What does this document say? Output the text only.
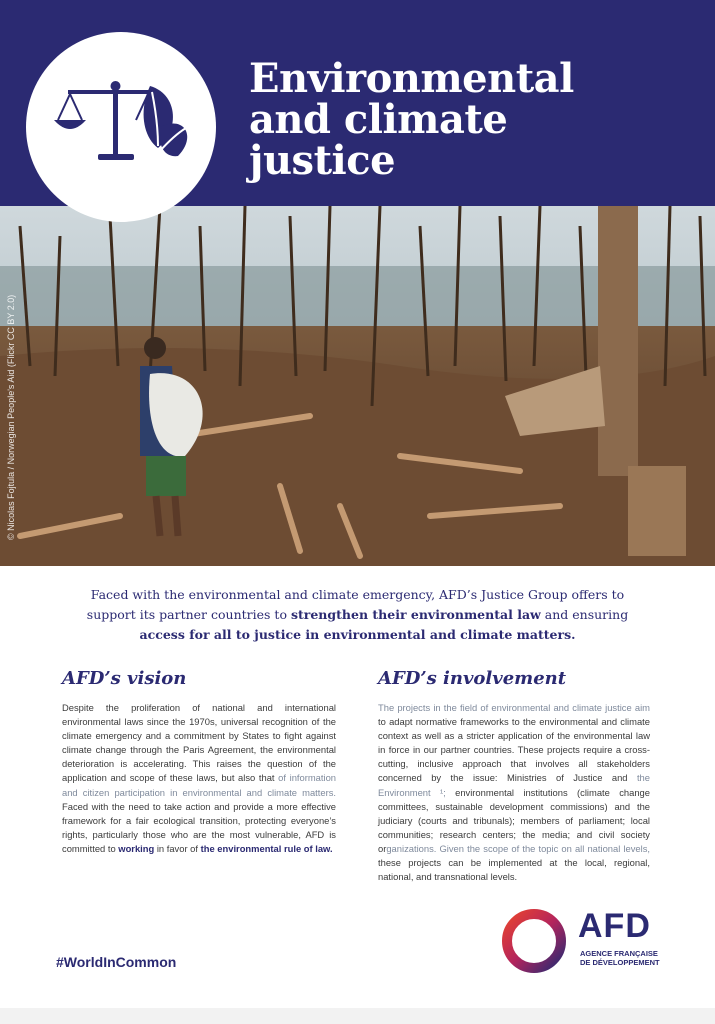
Environmental
and climate
justice
© Nicolas Fojtula / Norwegian People's Aid (Flickr CC BY 2.0)
Faced with the environmental and climate emergency, AFD’s Justice Group offers to support its partner countries to strengthen their environmental law and ensuring
access for all to justice in environmental and climate matters.
AFD’s vision

Despite the proliferation of national and international environmental laws since the 1970s, universal recognition of the climate emergency and a commitment by States to fight against climate change through the Paris Agreement, the environmental deterioration is accelerating. This raises the question of the application and scope of these laws, but also that of information and citizen participation in environmental and climate matters. Faced with the need to take action and provide a more effective framework for a fair ecological transition, protecting everyone’s rights, particularly those who are the most vulnerable, AFD is committed to working in favor of the environmental rule of law.

AFD’s involvement

The projects in the field of environmental and climate justice aim to adapt normative frameworks to the environmental and climate context as well as a stricter application of the environmental law in force in our partner countries. These projects require a cross-cutting, inclusive approach that involves all stakeholders concerned by the issue: Ministries of Justice and the Environment ¹; environmental institutions (climate change committees, sustainable development commissions) and the judiciary (courts and tribunals); members of parliament; local communities; research centers; the media; and civil society organizations. Given the scope of the topic on all national levels, these projects can be implemented at the local, regional, national, and transnational levels.

#WorldInCommon
AFD
AGENCE FRANÇAISE DE DÉVELOPPEMENT
